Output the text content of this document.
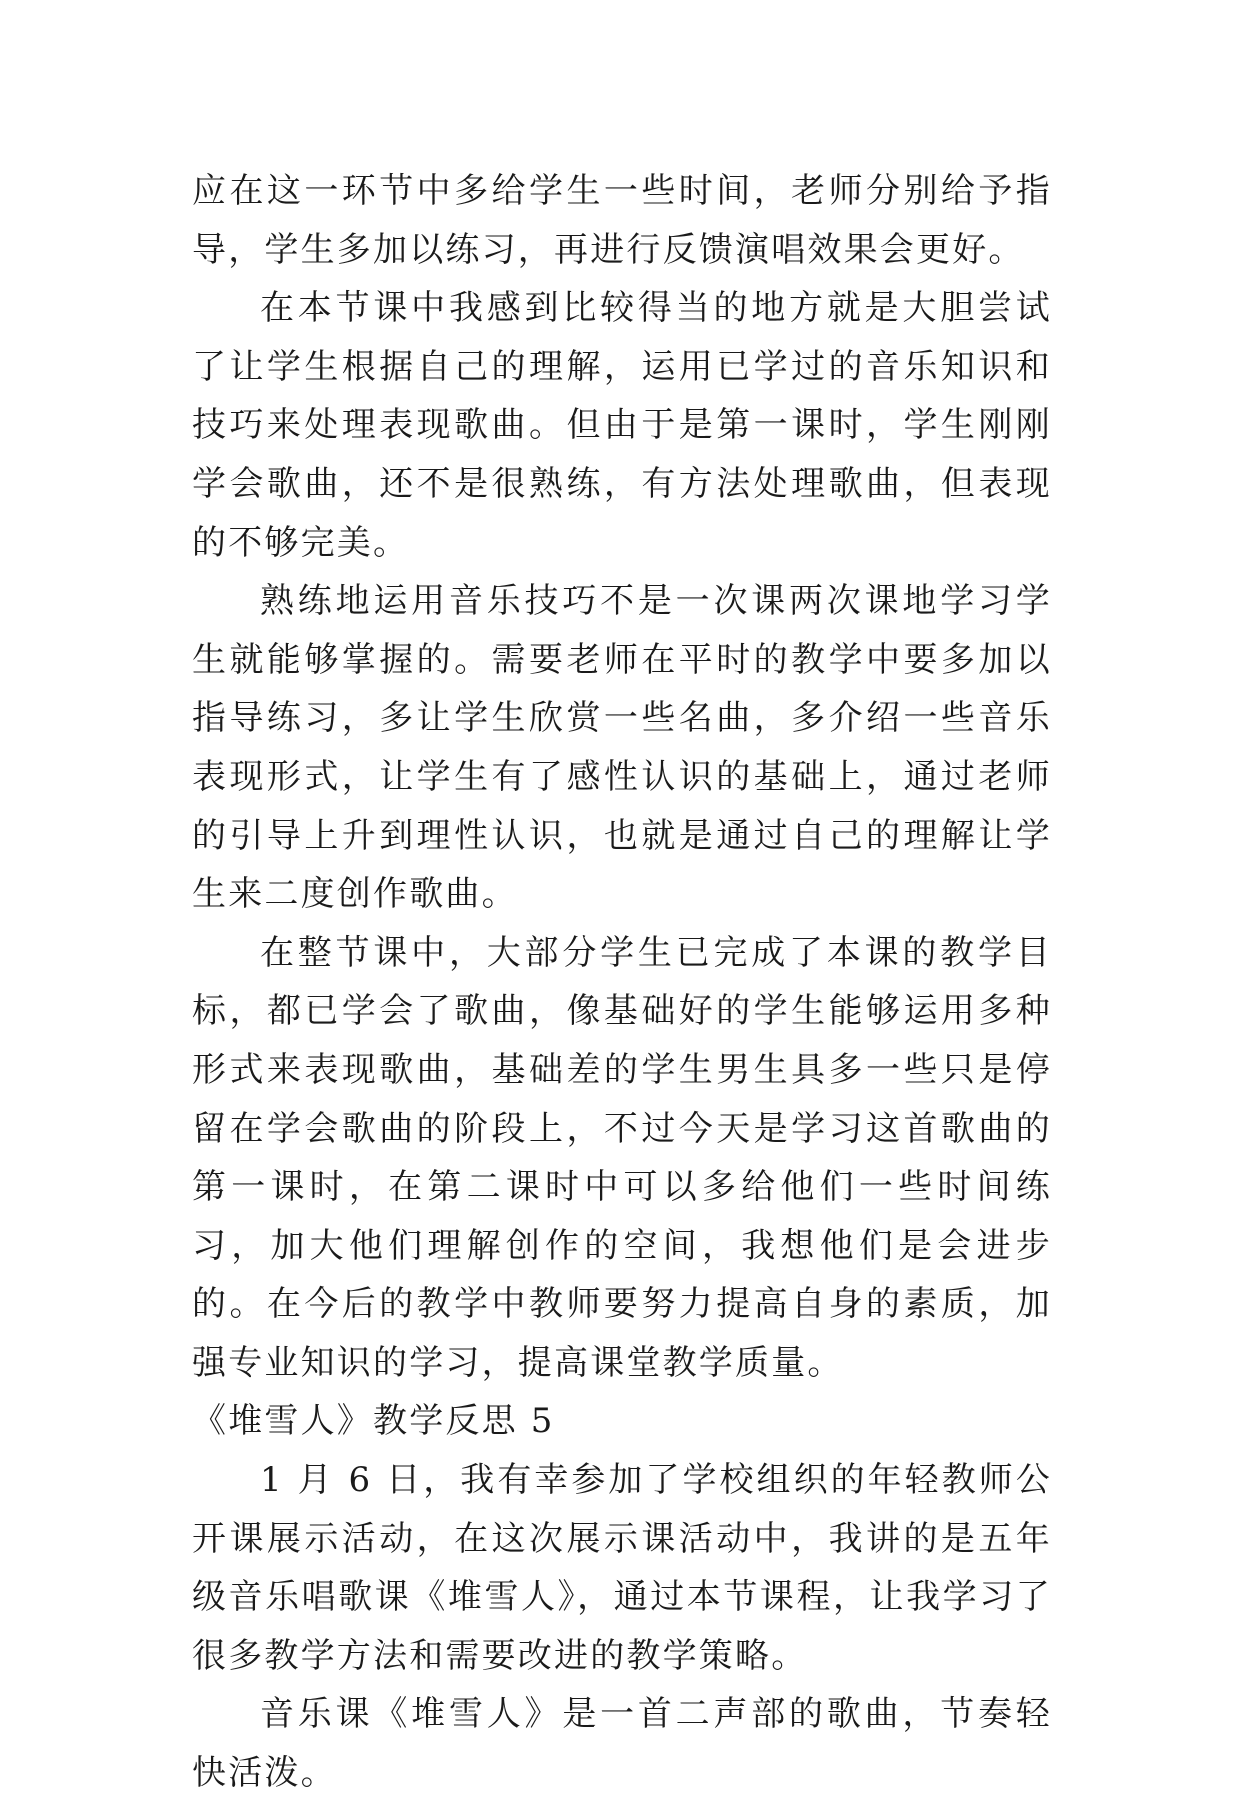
应在这一环节中多给学生一些时间，老师分别给予指导，学生多加以练习，再进行反馈演唱效果会更好。

在本节课中我感到比较得当的地方就是大胆尝试了让学生根据自己的理解，运用已学过的音乐知识和技巧来处理表现歌曲。但由于是第一课时，学生刚刚学会歌曲，还不是很熟练，有方法处理歌曲，但表现的不够完美。

熟练地运用音乐技巧不是一次课两次课地学习学生就能够掌握的。需要老师在平时的教学中要多加以指导练习，多让学生欣赏一些名曲，多介绍一些音乐表现形式，让学生有了感性认识的基础上，通过老师的引导上升到理性认识，也就是通过自己的理解让学生来二度创作歌曲。

在整节课中，大部分学生已完成了本课的教学目标，都已学会了歌曲，像基础好的学生能够运用多种形式来表现歌曲，基础差的学生男生具多一些只是停留在学会歌曲的阶段上，不过今天是学习这首歌曲的第一课时，在第二课时中可以多给他们一些时间练习，加大他们理解创作的空间，我想他们是会进步的。在今后的教学中教师要努力提高自身的素质，加强专业知识的学习，提高课堂教学质量。

《堆雪人》教学反思 5

1 月 6 日，我有幸参加了学校组织的年轻教师公开课展示活动，在这次展示课活动中，我讲的是五年级音乐唱歌课《堆雪人》，通过本节课程，让我学习了很多教学方法和需要改进的教学策略。

音乐课《堆雪人》是一首二声部的歌曲，节奏轻快活泼。
